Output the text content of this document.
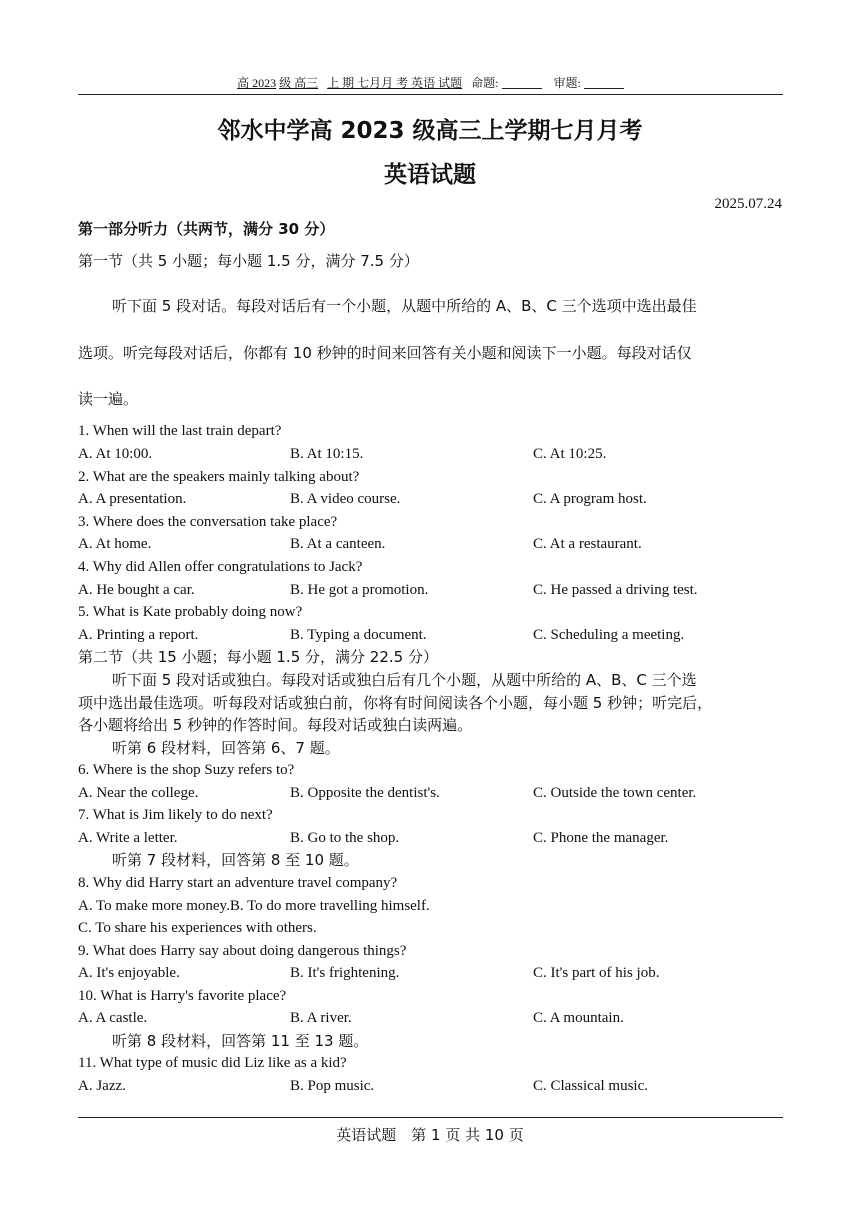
高 2023 级 高三 上 期 七月月 考 英语 试题 命题:	审题:
邻水中学高 2023 级高三上学期七月月考
英语试题
2025.07.24
第一部分听力（共两节，满分 30 分）
第一节（共 5 小题；每小题 1.5 分，满分 7.5 分）
听下面 5 段对话。每段对话后有一个小题，从题中所给的 A、B、C 三个选项中选出最佳
选项。听完每段对话后，你都有 10 秒钟的时间来回答有关小题和阅读下一小题。每段对话仅
读一遍。
1. When will the last train depart?
A. At 10:00.	B. At 10:15.	C. At 10:25.
2. What are the speakers mainly talking about?
A. A presentation.	B. A video course.	C. A program host.
3. Where does the conversation take place?
A. At home.	B. At a canteen.	C. At a restaurant.
4. Why did Allen offer congratulations to Jack?
A. He bought a car.	B. He got a promotion.	C. He passed a driving test.
5. What is Kate probably doing now?
A. Printing a report.	B. Typing a document.	C. Scheduling a meeting.
第二节（共 15 小题；每小题 1.5 分，满分 22.5 分）
听下面 5 段对话或独白。每段对话或独白后有几个小题，从题中所给的 A、B、C 三个选
项中选出最佳选项。听每段对话或独白前，你将有时间阅读各个小题，每小题 5 秒钟；听完后，
各小题将给出 5 秒钟的作答时间。每段对话或独白读两遍。
听第 6 段材料，回答第 6、7 题。
6. Where is the shop Suzy refers to?
A. Near the college.	B. Opposite the dentist's.	C. Outside the town center.
7. What is Jim likely to do next?
A. Write a letter.	B. Go to the shop.	C. Phone the manager.
听第 7 段材料，回答第 8 至 10 题。
8. Why did Harry start an adventure travel company?
A. To make more money.B. To do more travelling himself.
C. To share his experiences with others.
9. What does Harry say about doing dangerous things?
A. It's enjoyable.	B. It's frightening.	C. It's part of his job.
10. What is Harry's favorite place?
A. A castle.	B. A river.	C. A mountain.
听第 8 段材料，回答第 11 至 13 题。
11. What type of music did Liz like as a kid?
A. Jazz.	B. Pop music.	C. Classical music.
英语试题　第 1 页 共 10 页
